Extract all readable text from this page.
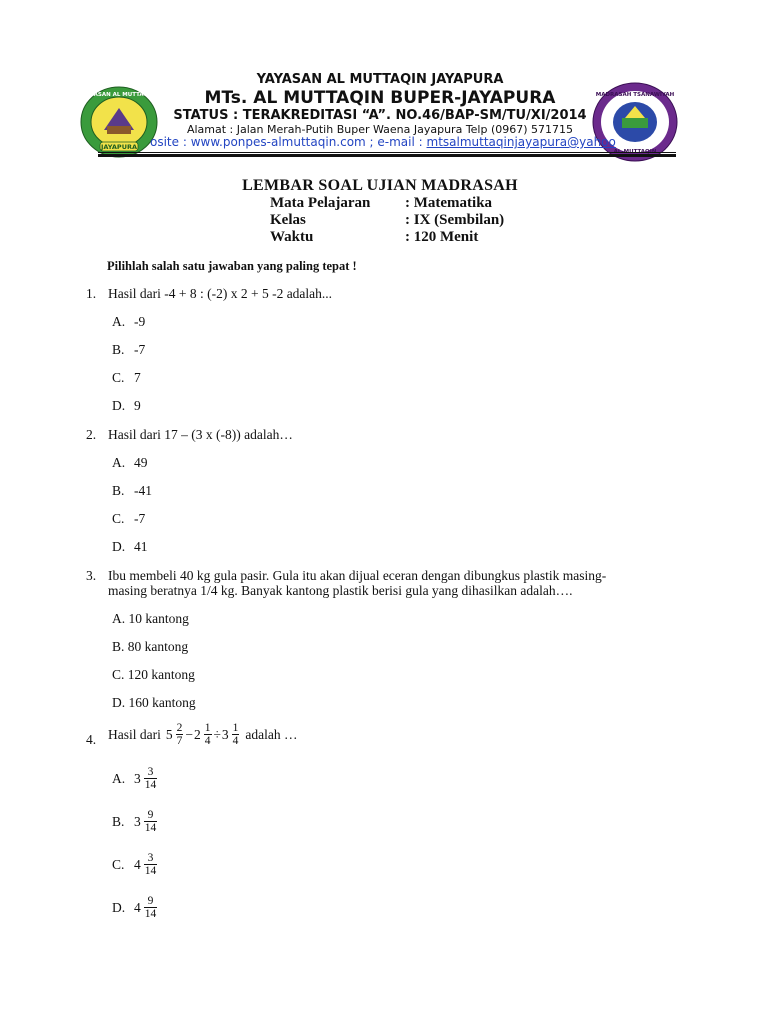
JAYAPURA
YAYASAN AL MUTTAQIN	MADRASAH TSANAWIYAH
YAYASAN AL MUTTAQIN JAYAPURA
MTs. AL MUTTAQIN BUPER-JAYAPURA
STATUS : TERAKREDITASI “A”. NO.46/BAP-SM/TU/XI/2014
Alamat : Jalan Merah-Putih Buper Waena Jayapura Telp (0967) 571715
osite : www.ponpes-almuttaqin.com ; e-mail : mtsalmuttaqinjayapura@yahoo
LEMBAR SOAL UJIAN MADRASAH
Mata Pelajaran : Matematika
Kelas	: IX (Sembilan)
Waktu	: 120 Menit
Pilihlah salah satu jawaban yang paling tepat !
1. Hasil dari -4 + 8 : (-2) x 2 + 5 -2 adalah...
A. -9
B. -7
C. 7
D. 9
2. Hasil dari 17 – (3 x (-8)) adalah…
A. 49
B. -41
C. -7
D. 41
3. Ibu membeli 40 kg gula pasir. Gula itu akan dijual eceran dengan dibungkus plastik masing-
masing beratnya 1/4 kg. Banyak kantong plastik berisi gula yang dihasilkan adalah….
A. 10 kantong
B. 80 kantong
C. 120 kantong
D. 160 kantong
4. Hasil dari $5 \frac{2}{7} - 2 \frac{1}{4} \div 3 \frac{1}{4}$ adalah …
A. $3 \frac{3}{14}$
B. $3 \frac{9}{14}$
C. $4 \frac{3}{14}$
D. $4 \frac{9}{14}$
